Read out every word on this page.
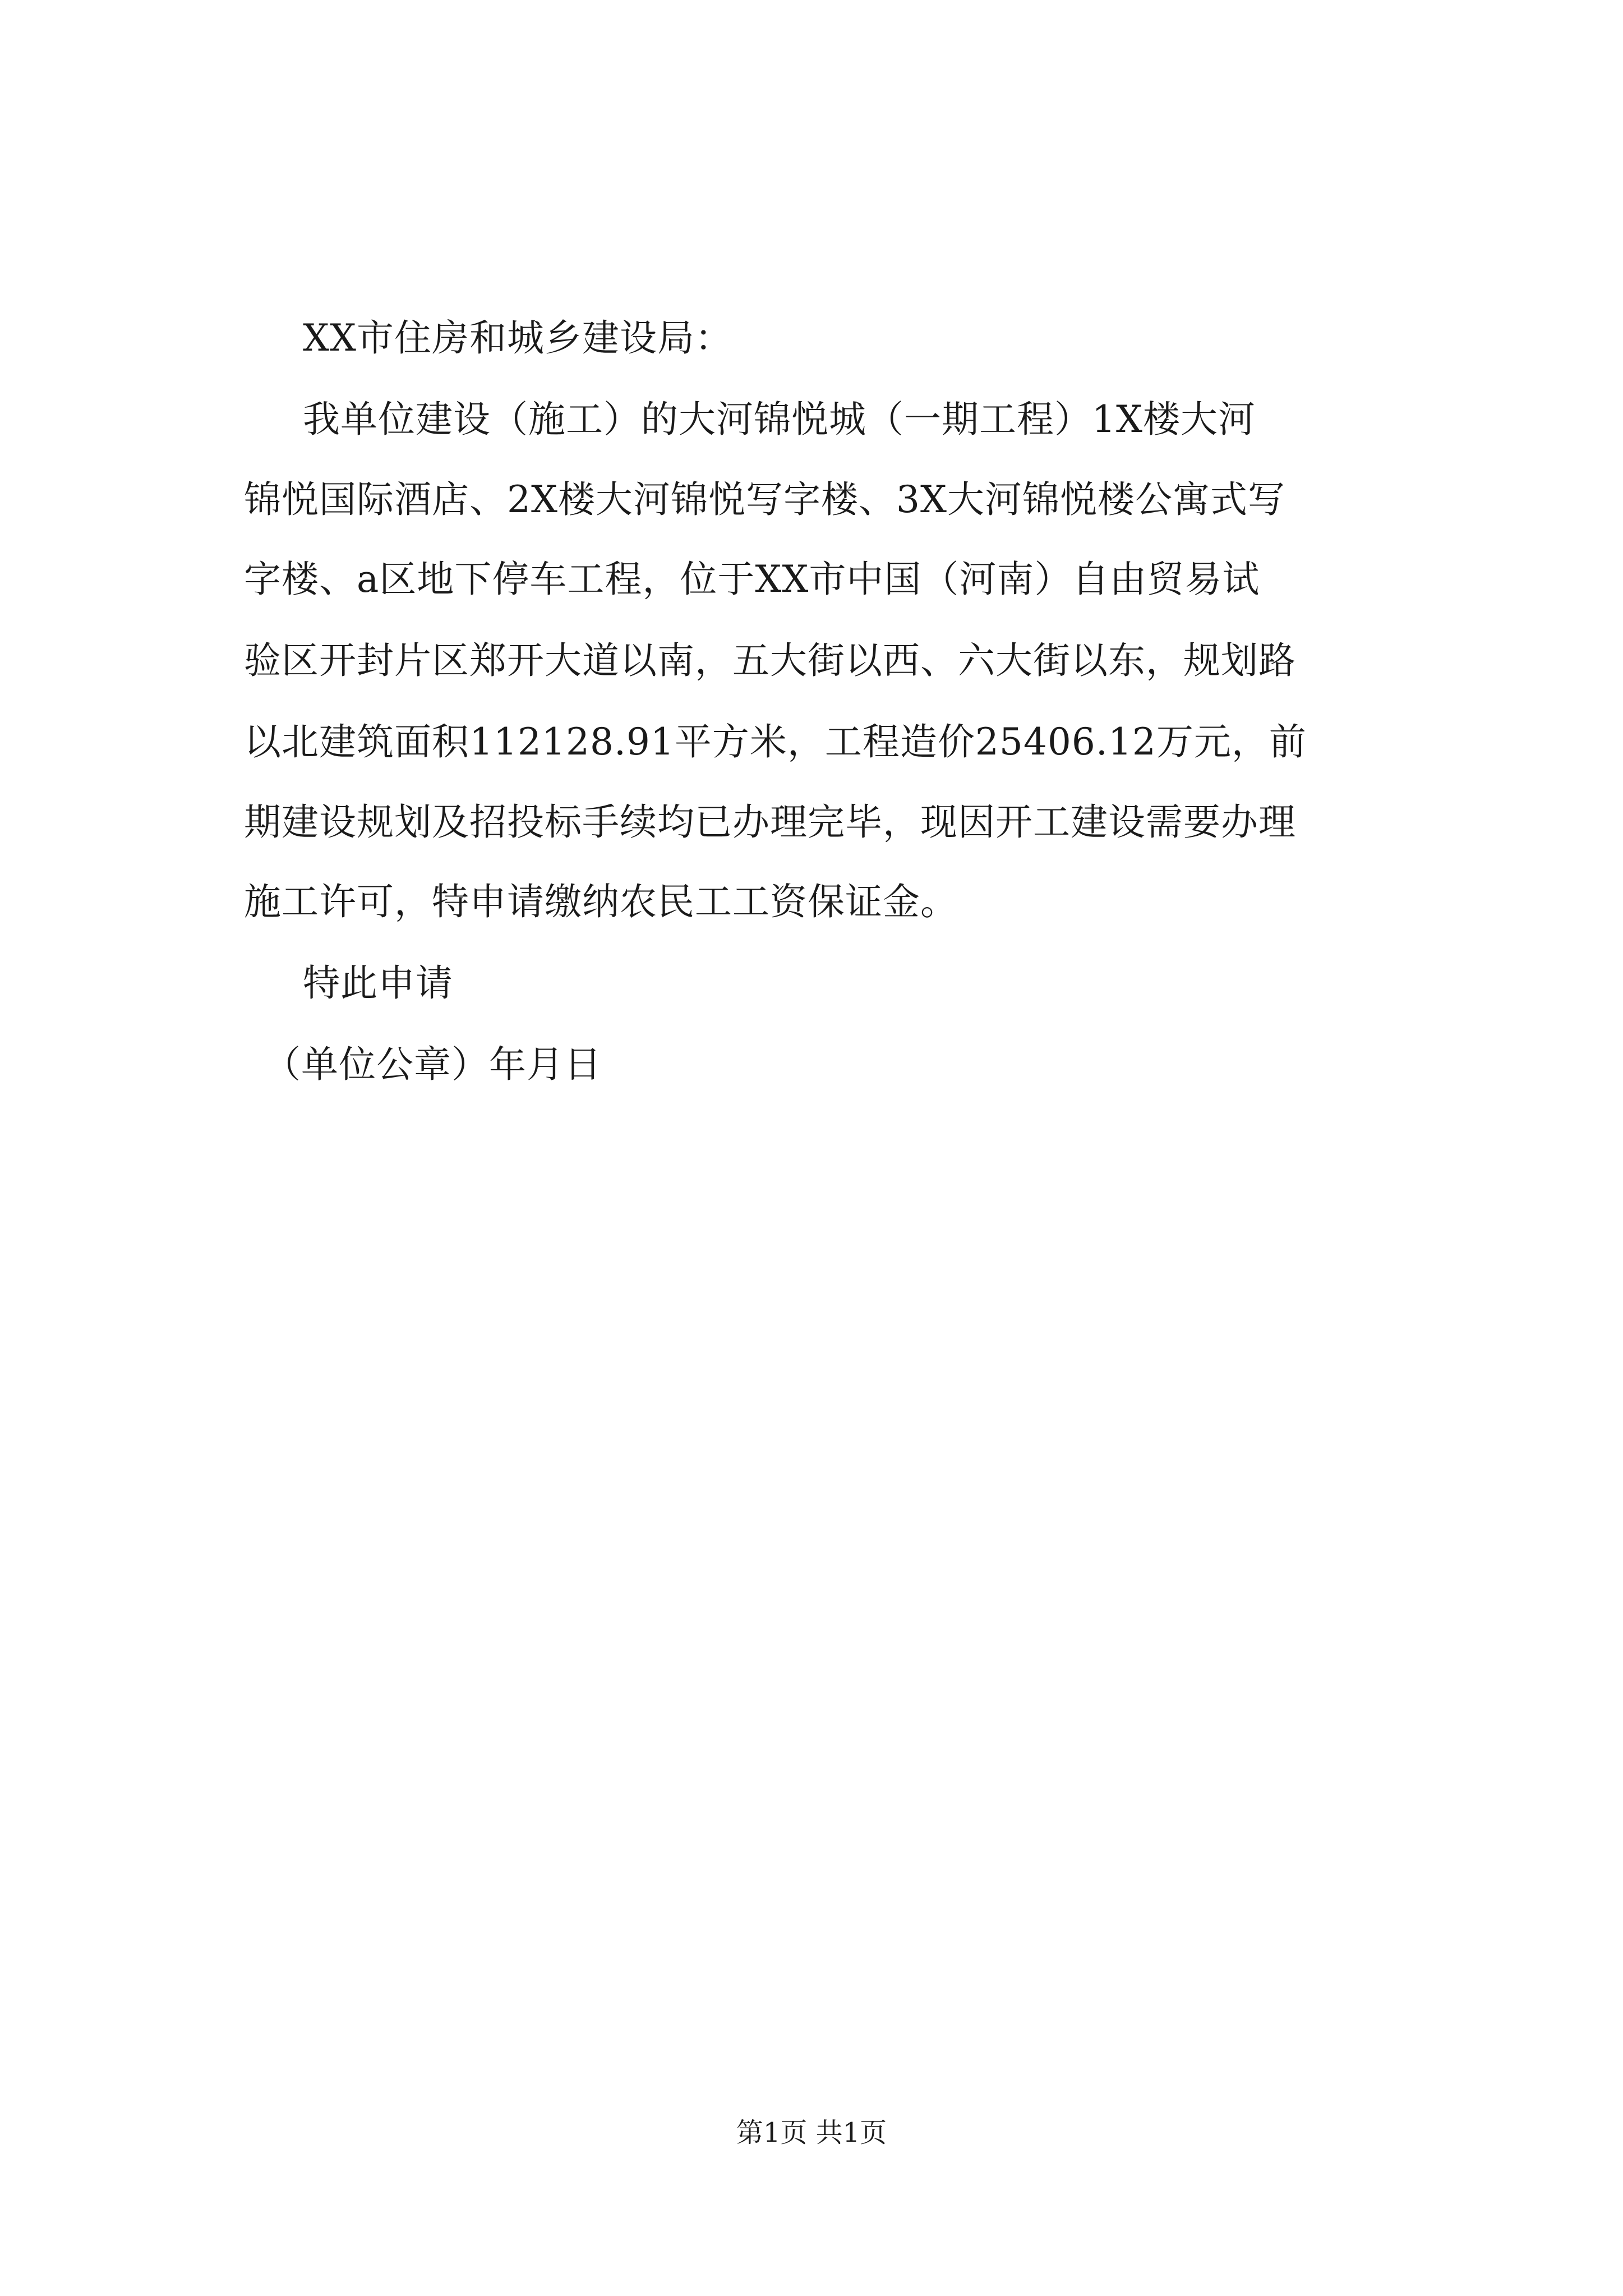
XX市住房和城乡建设局：
我单位建设（施工）的大河锦悦城（一期工程）1X楼大河
锦悦国际酒店、2X楼大河锦悦写字楼、3X大河锦悦楼公寓式写
字楼、a区地下停车工程，位于XX市中国（河南）自由贸易试
验区开封片区郑开大道以南，五大街以西、六大街以东，规划路
以北建筑面积112128.91平方米，工程造价25406.12万元，前
期建设规划及招投标手续均已办理完毕，现因开工建设需要办理
施工许可，特申请缴纳农民工工资保证金。
特此申请
（单位公章）年月日
第1页 共1页
